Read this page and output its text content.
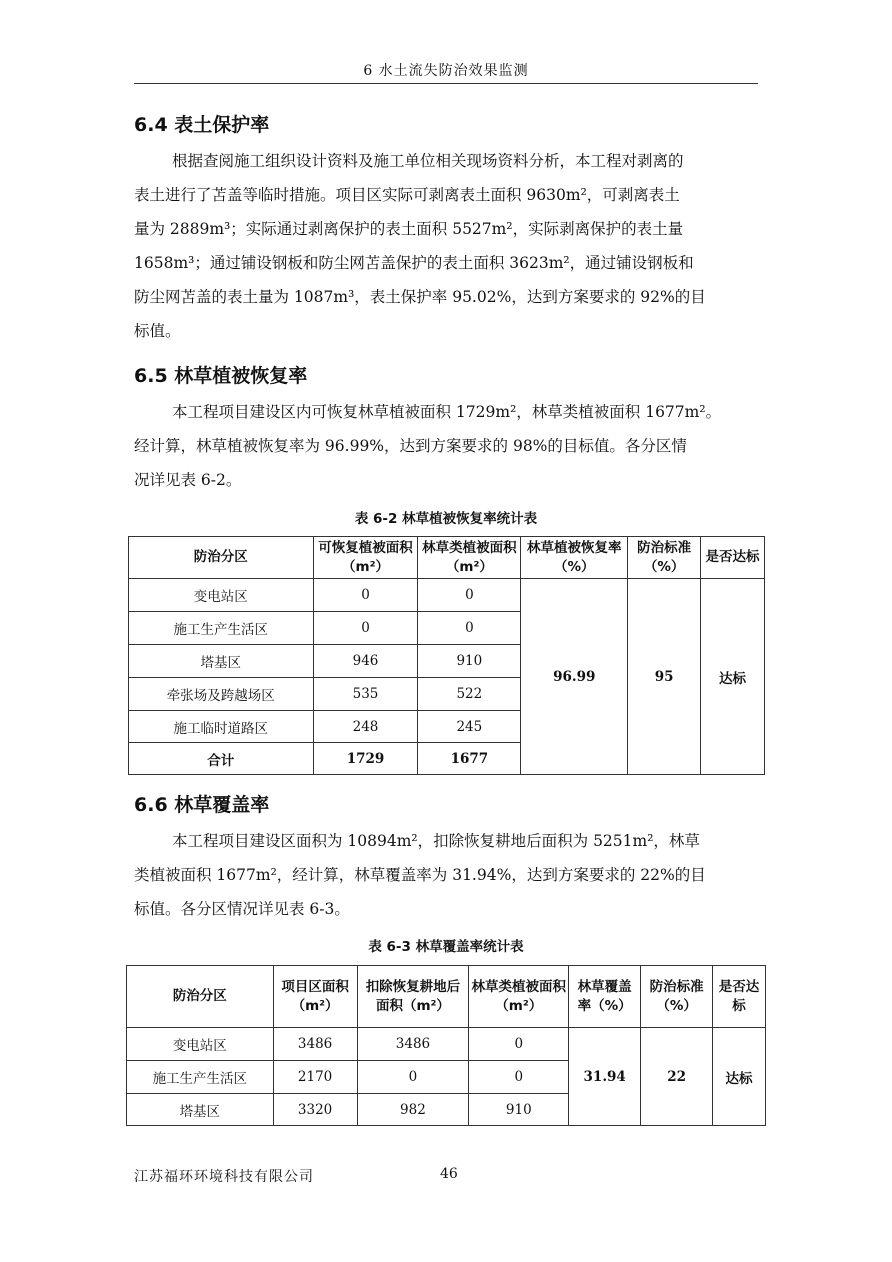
6 水土流失防治效果监测
6.4 表土保护率
根据查阅施工组织设计资料及施工单位相关现场资料分析，本工程对剥离的
表土进行了苫盖等临时措施。项目区实际可剥离表土面积 9630m²，可剥离表土
量为 2889m³；实际通过剥离保护的表土面积 5527m²，实际剥离保护的表土量
1658m³；通过铺设钢板和防尘网苫盖保护的表土面积 3623m²，通过铺设钢板和
防尘网苫盖的表土量为 1087m³，表土保护率 95.02%，达到方案要求的 92%的目
标值。
6.5 林草植被恢复率
本工程项目建设区内可恢复林草植被面积 1729m²，林草类植被面积 1677m²。
经计算，林草植被恢复率为 96.99%，达到方案要求的 98%的目标值。各分区情
况详见表 6-2。
表 6-2 林草植被恢复率统计表
防治分区	可恢复植被面积（m²）	林草类植被面积（m²）	林草植被恢复率（%）	防治标准（%）	是否达标
变电站区	0	0	96.99	95	达标
施工生产生活区	0	0			
塔基区	946	910			
牵张场及跨越场区	535	522			
施工临时道路区	248	245			
合计	1729	1677			
6.6 林草覆盖率
本工程项目建设区面积为 10894m²，扣除恢复耕地后面积为 5251m²，林草
类植被面积 1677m²，经计算，林草覆盖率为 31.94%，达到方案要求的 22%的目
标值。各分区情况详见表 6-3。
表 6-3 林草覆盖率统计表
防治分区	项目区面积（m²）	扣除恢复耕地后面积（m²）	林草类植被面积（m²）	林草覆盖率（%）	防治标准（%）	是否达标
变电站区	3486	3486	0	31.94	22	达标
施工生产生活区	2170	0	0			
塔基区	3320	982	910			
江苏福环环境科技有限公司	46
